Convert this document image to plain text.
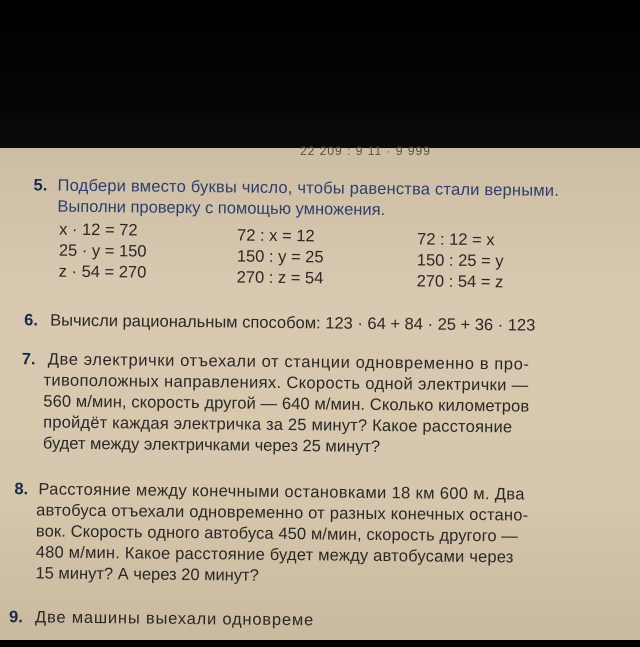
22 209 : 9 11 · 9 999
5. Подбери вместо буквы число, чтобы равенства стали верными.
Выполни проверку с помощью умножения.
x · 12 = 72
25 · y = 150
z · 54 = 270
72 : x = 12
150 : y = 25
270 : z = 54
72 : 12 = x
150 : 25 = y
270 : 54 = z
6. Вычисли рациональным способом: 123 · 64 + 84 · 25 + 36 · 123
7. Две электрички отъехали от станции одновременно в про-
тивоположных направлениях. Скорость одной электрички —
560 м/мин, скорость другой — 640 м/мин. Сколько километров
пройдёт каждая электричка за 25 минут? Какое расстояние
будет между электричками через 25 минут?
8. Расстояние между конечными остановками 18 км 600 м. Два
автобуса отъехали одновременно от разных конечных остано-
вок. Скорость одного автобуса 450 м/мин, скорость другого —
480 м/мин. Какое расстояние будет между автобусами через
15 минут? А через 20 минут?
9. Две машины выехали одновреме
